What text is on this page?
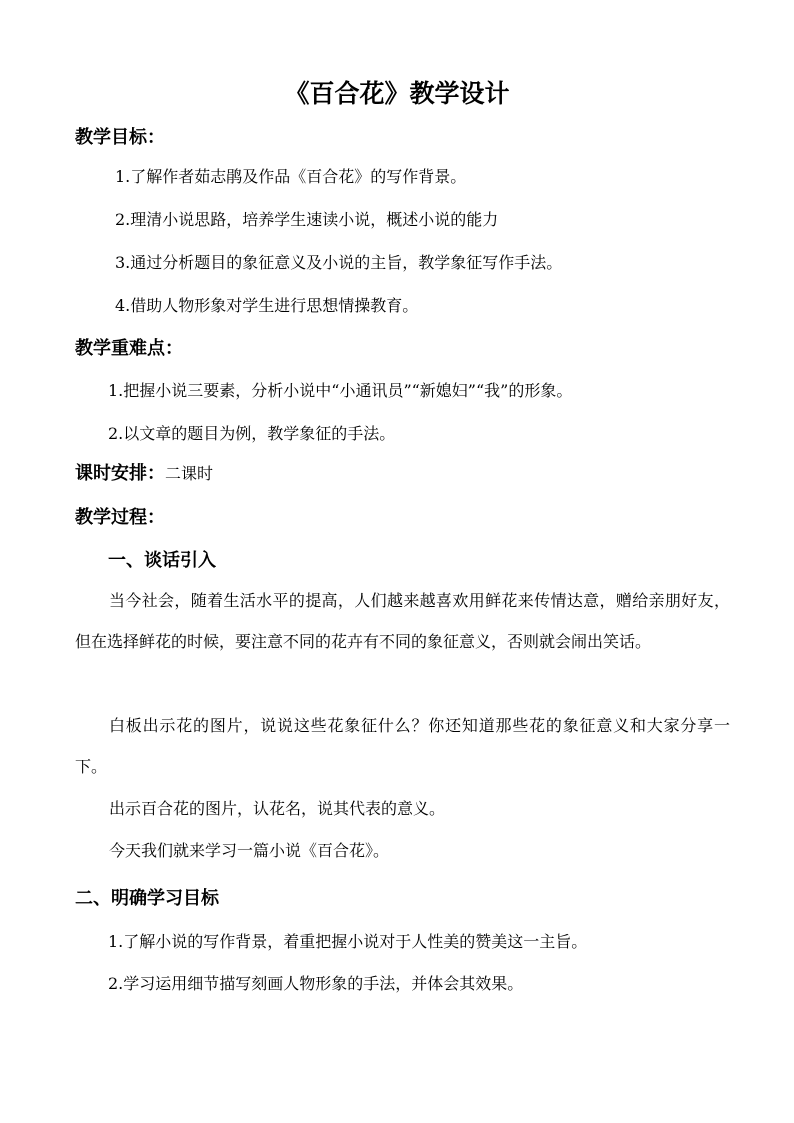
《百合花》教学设计
教学目标：
1.了解作者茹志鹃及作品《百合花》的写作背景。
2.理清小说思路，培养学生速读小说，概述小说的能力
3.通过分析题目的象征意义及小说的主旨，教学象征写作手法。
4.借助人物形象对学生进行思想情操教育。
教学重难点：
1.把握小说三要素，分析小说中“小通讯员”“新媳妇”“我”的形象。
2.以文章的题目为例，教学象征的手法。
课时安排：二课时
教学过程：
一、谈话引入
当今社会，随着生活水平的提高，人们越来越喜欢用鲜花来传情达意，赠给亲朋好友，但在选择鲜花的时候，要注意不同的花卉有不同的象征意义，否则就会闹出笑话。
白板出示花的图片，说说这些花象征什么？你还知道那些花的象征意义和大家分享一下。
出示百合花的图片，认花名，说其代表的意义。
今天我们就来学习一篇小说《百合花》。
二、明确学习目标
1.了解小说的写作背景，着重把握小说对于人性美的赞美这一主旨。
2.学习运用细节描写刻画人物形象的手法，并体会其效果。
